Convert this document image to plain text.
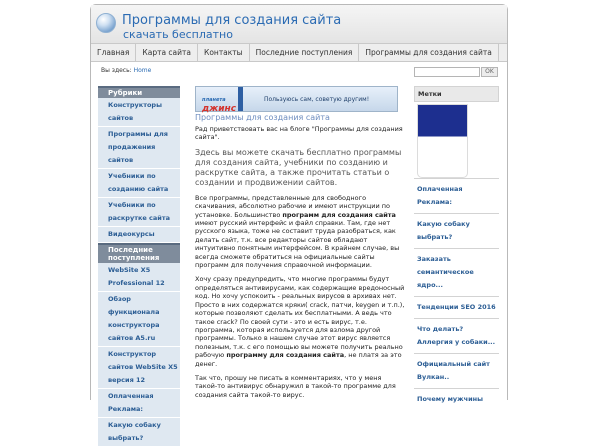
Программы для создания сайта
скачать бесплатно
Главная	Карта сайта	Контакты	Последние поступления	Программы для создания сайта
Вы здесь: Home	OK
Рубрики
Конструкторы сайтов
Программы для продажения сайтов
Учебники по созданию сайта
Учебники по раскрутке сайта
Видеокурсы
Последние поступления
WebSite X5 Professional 12
Обзор функционала конструктора сайтов A5.ru
Конструктор сайтов WebSite X5 версия 12
Оплаченная Реклама:
Какую собаку выбрать?
планета
джинс
Пользуюсь сам, советую другим!
Программы для создания сайта

Рад приветствовать вас на блоге "Программы для создания сайта".

Здесь вы можете скачать бесплатно программы для создания сайта, учебники по созданию и раскрутке сайта, а также прочитать статьи о создании и продвижении сайтов.

Все программы, представленные для свободного скачивания, абсолютно рабочие и имеют инструкции по установке. Большинство программ для создания сайта имеют русский интерфейс и файл справки. Там, где нет русского языка, тоже не составит труда разобраться, как делать сайт, т.к. все редакторы сайтов обладают интуитивно понятным интерфейсом. В крайнем случае, вы всегда сможете обратиться на официальные сайты программ для получения справочной информации.

Хочу сразу предупредить, что многие программы будут определяться антивирусами, как содержащие вредоносный код. Но хочу успокоить - реальных вирусов в архивах нет. Просто в них содержатся кряки( crack, патчи, keygen и т.п.), которые позволяют сделать их бесплатными. А ведь что такое crack? По своей сути - это и есть вирус, т.е. программа, которая используется для взлома другой программы. Только в нашем случае этот вирус является полезным, т.к. с его помощью вы можете получить реально рабочую программу для создания сайта, не платя за это денег.

Так что, прошу не писать в комментариях, что у меня такой-то антивирус обнаружил в такой-то программе для создания сайта такой-то вирус.

Метки
Оплаченная Реклама:
Какую собаку выбрать?
Заказать семантическое ядро...
Тенденции SEO 2016
Что делать? Аллергия у собаки...
Официальный сайт Вулкан..
Почему мужчины
